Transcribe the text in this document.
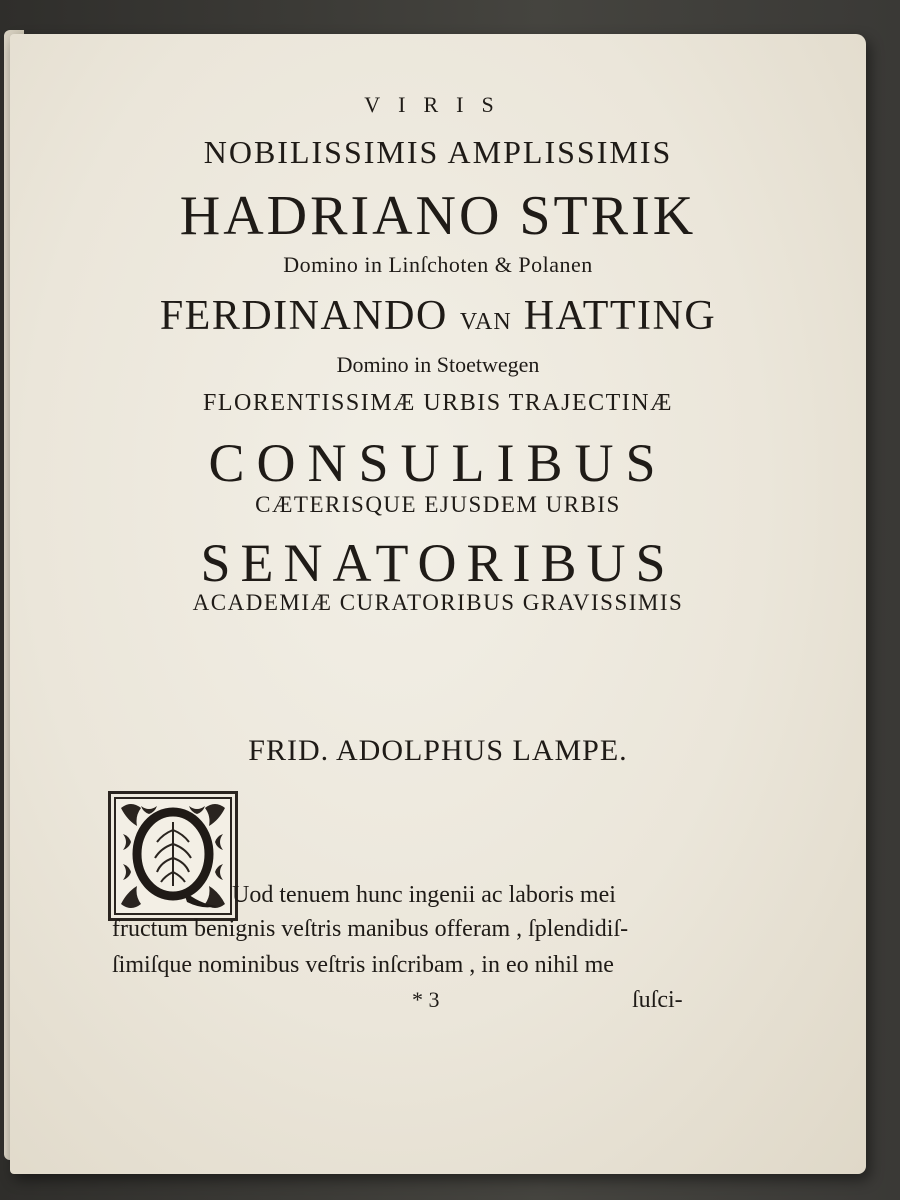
VIRIS
NOBILISSIMIS AMPLISSIMIS
HADRIANO STRIK
Domino in Linſchoten & Polanen
FERDINANDO VAN HATTING
Domino in Stoetwegen
FLORENTISSIMÆ URBIS TRAJECTINÆ
CONSULIBUS
CÆTERISQUE EJUSDEM URBIS
SENATORIBUS
ACADEMIÆ CURATORIBUS GRAVISSIMIS
FRID. ADOLPHUS LAMPE.
Uod tenuem hunc ingenii ac laboris mei
fructum benignis veſtris manibus offeram , ſplendidiſ-
ſimiſque nominibus veſtris inſcribam , in eo nihil me
* 3	ſuſci-
